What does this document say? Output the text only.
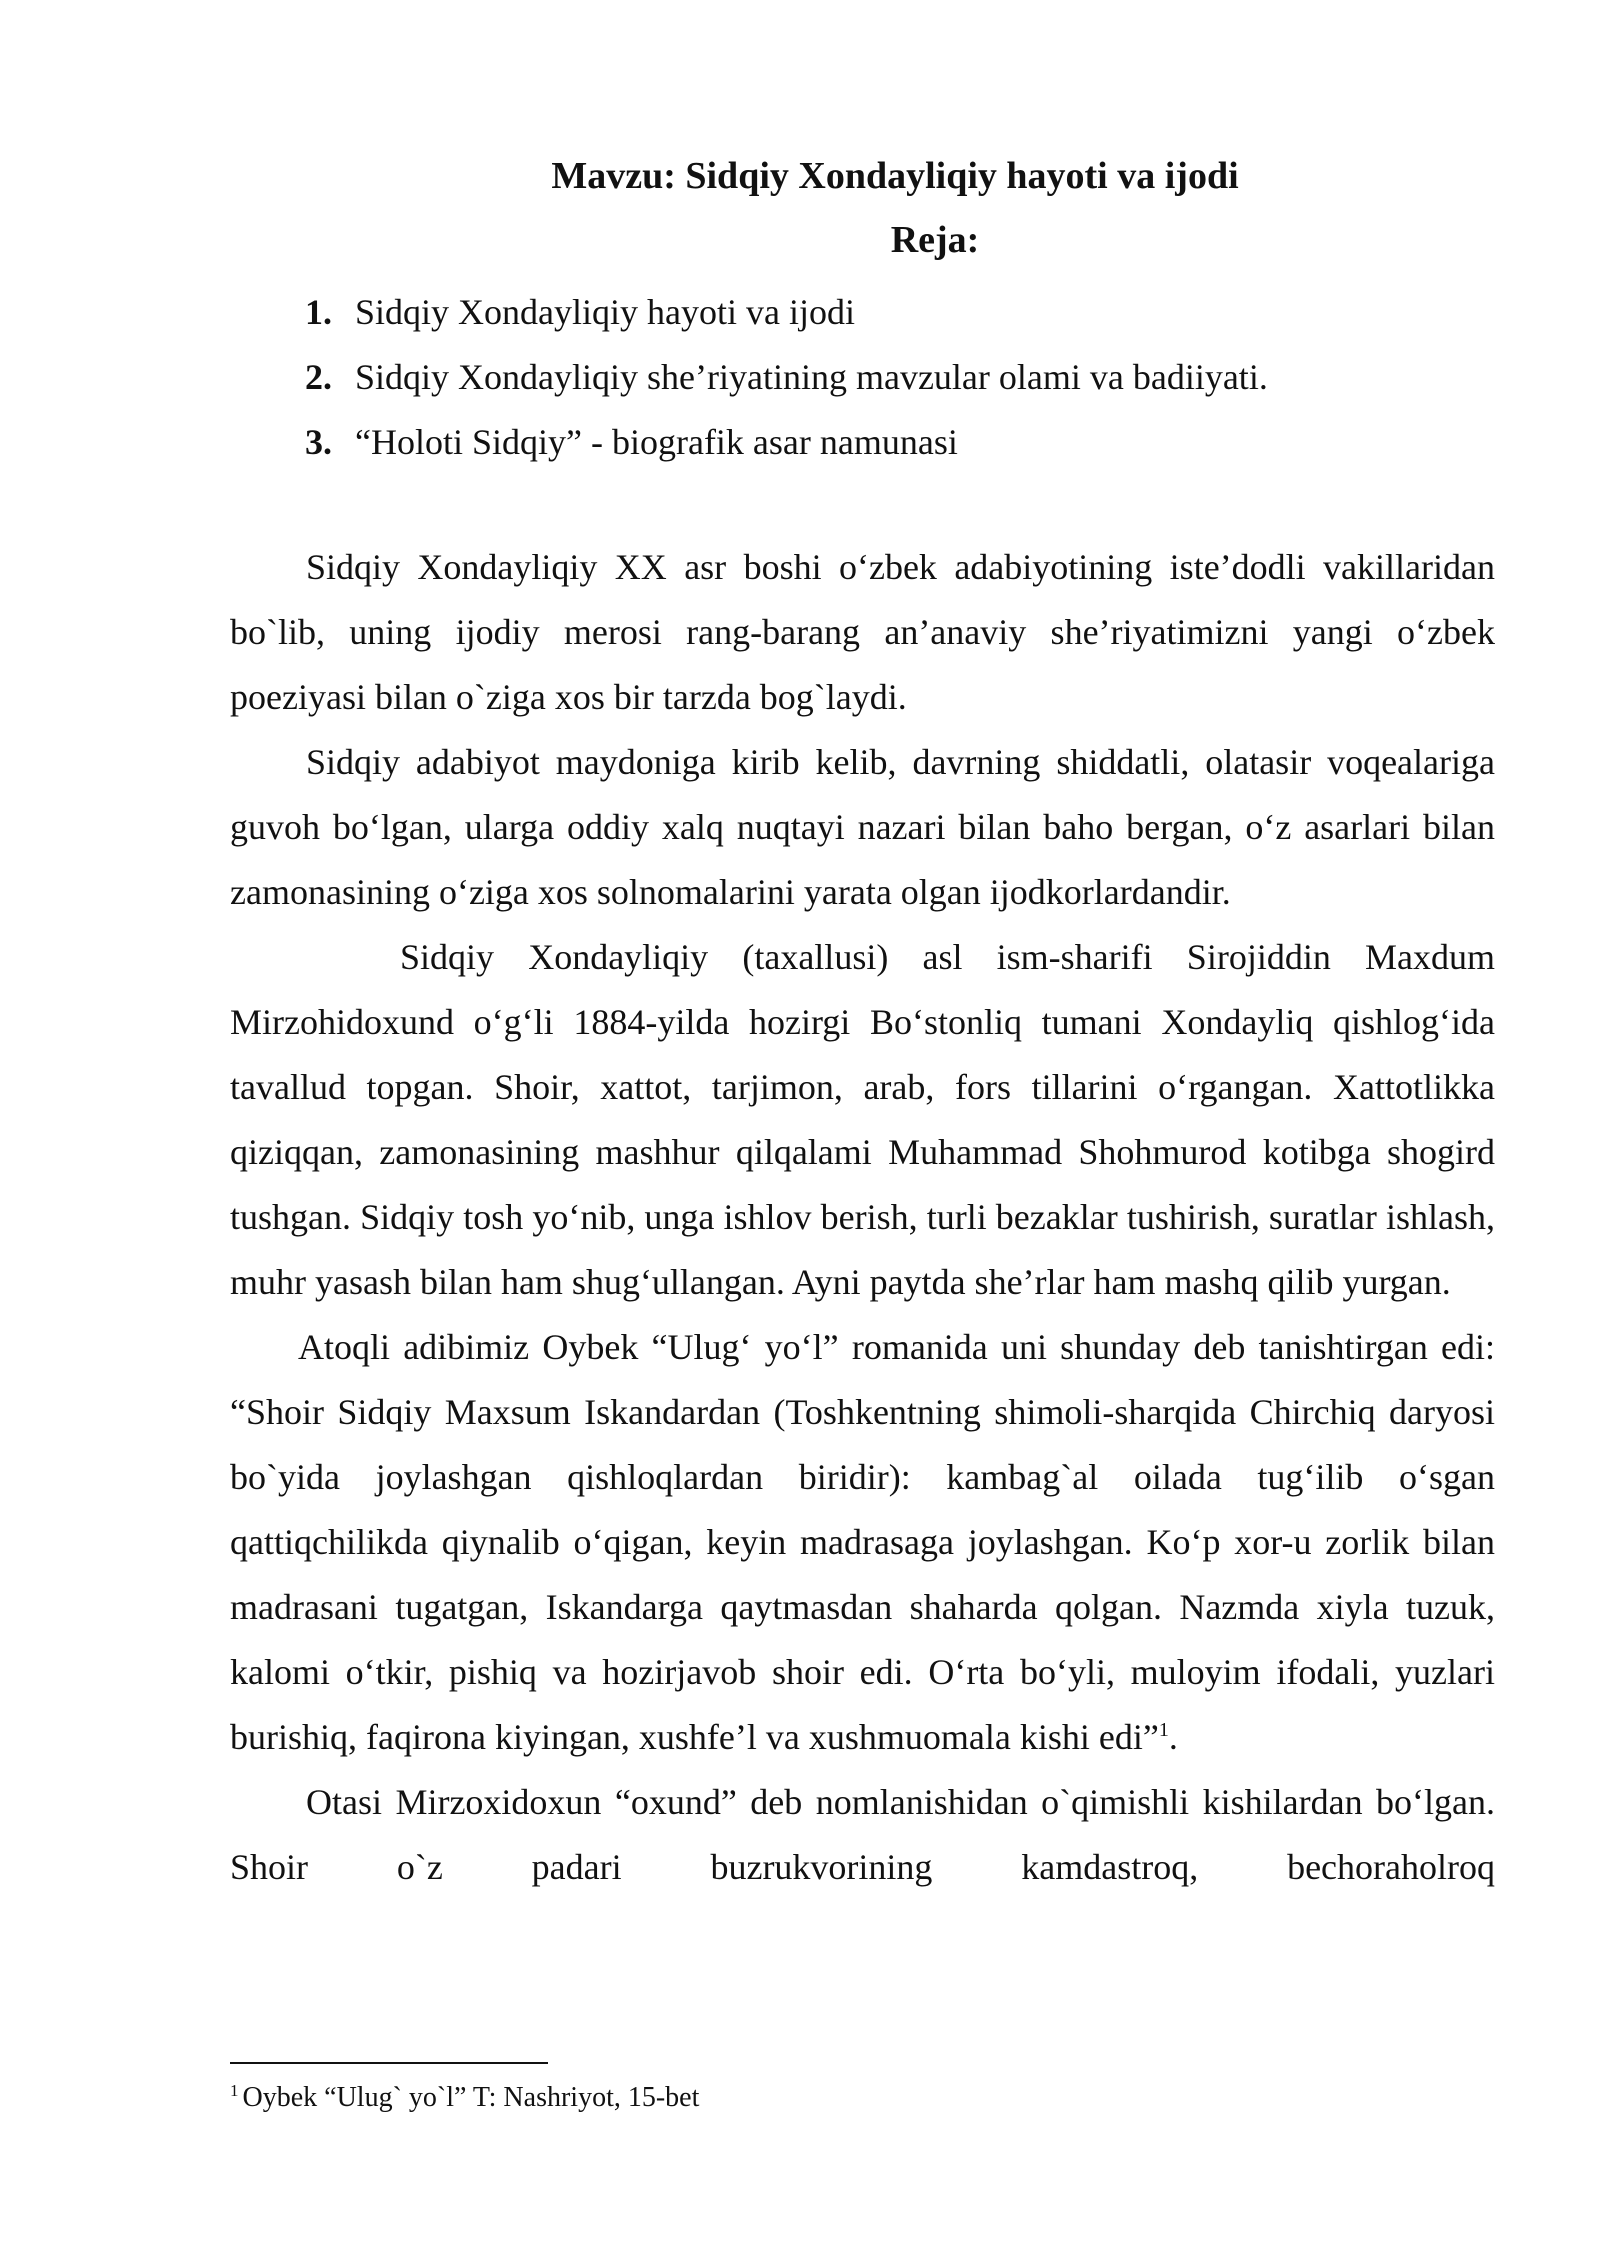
Mavzu: Sidqiy Xondayliqiy hayoti va ijodi
Reja:
1. Sidqiy Xondayliqiy hayoti va ijodi
2. Sidqiy Xondayliqiy she’riyatining mavzular olami va badiiyati.
3. “Holoti Sidqiy” - biografik asar namunasi

Sidqiy Xondayliqiy XX asr boshi o‘zbek adabiyotining iste’dodli vakillaridan bo`lib, uning ijodiy merosi rang-barang an’anaviy she’riyatimizni yangi o‘zbek poeziyasi bilan o`ziga xos bir tarzda bog`laydi.

Sidqiy adabiyot maydoniga kirib kelib, davrning shiddatli, olatasir voqealariga guvoh bo‘lgan, ularga oddiy xalq nuqtayi nazari bilan baho bergan, o‘z asarlari bilan zamonasining o‘ziga xos solnomalarini yarata olgan ijodkorlardandir.

Sidqiy Xondayliqiy (taxallusi) asl ism-sharifi Sirojiddin Maxdum Mirzohidoxund o‘g‘li 1884-yilda hozirgi Bo‘stonliq tumani Xondayliq qishlog‘ida tavallud topgan. Shoir, xattot, tarjimon, arab, fors tillarini o‘rgangan. Xattotlikka qiziqqan, zamonasining mashhur qilqalami Muhammad Shohmurod kotibga shogird tushgan. Sidqiy tosh yo‘nib, unga ishlov berish, turli bezaklar tushirish, suratlar ishlash, muhr yasash bilan ham shug‘ullangan. Ayni paytda she’rlar ham mashq qilib yurgan.

Atoqli adibimiz Oybek “Ulug‘ yo‘l” romanida uni shunday deb tanishtirgan edi: “Shoir Sidqiy Maxsum Iskandardan (Toshkentning shimoli-sharqida Chirchiq daryosi bo`yida joylashgan qishloqlardan biridir): kambag`al oilada tug‘ilib o‘sgan qattiqchilikda qiynalib o‘qigan, keyin madrasaga joylashgan. Ko‘p xor-u zorlik bilan madrasani tugatgan, Iskandarga qaytmasdan shaharda qolgan. Nazmda xiyla tuzuk, kalomi o‘tkir, pishiq va hozirjavob shoir edi. O‘rta bo‘yli, muloyim ifodali, yuzlari burishiq, faqirona kiyingan, xushfe’l va xushmuomala kishi edi”$^1$.

Otasi Mirzoxidoxun “oxund” deb nomlanishidan o`qimishli kishilardan bo‘lgan. Shoir o`z padari buzrukvorining kamdastroq, bechoraholroq

$^1$ Oybek “Ulug` yo`l” T: Nashriyot, 15-bet
